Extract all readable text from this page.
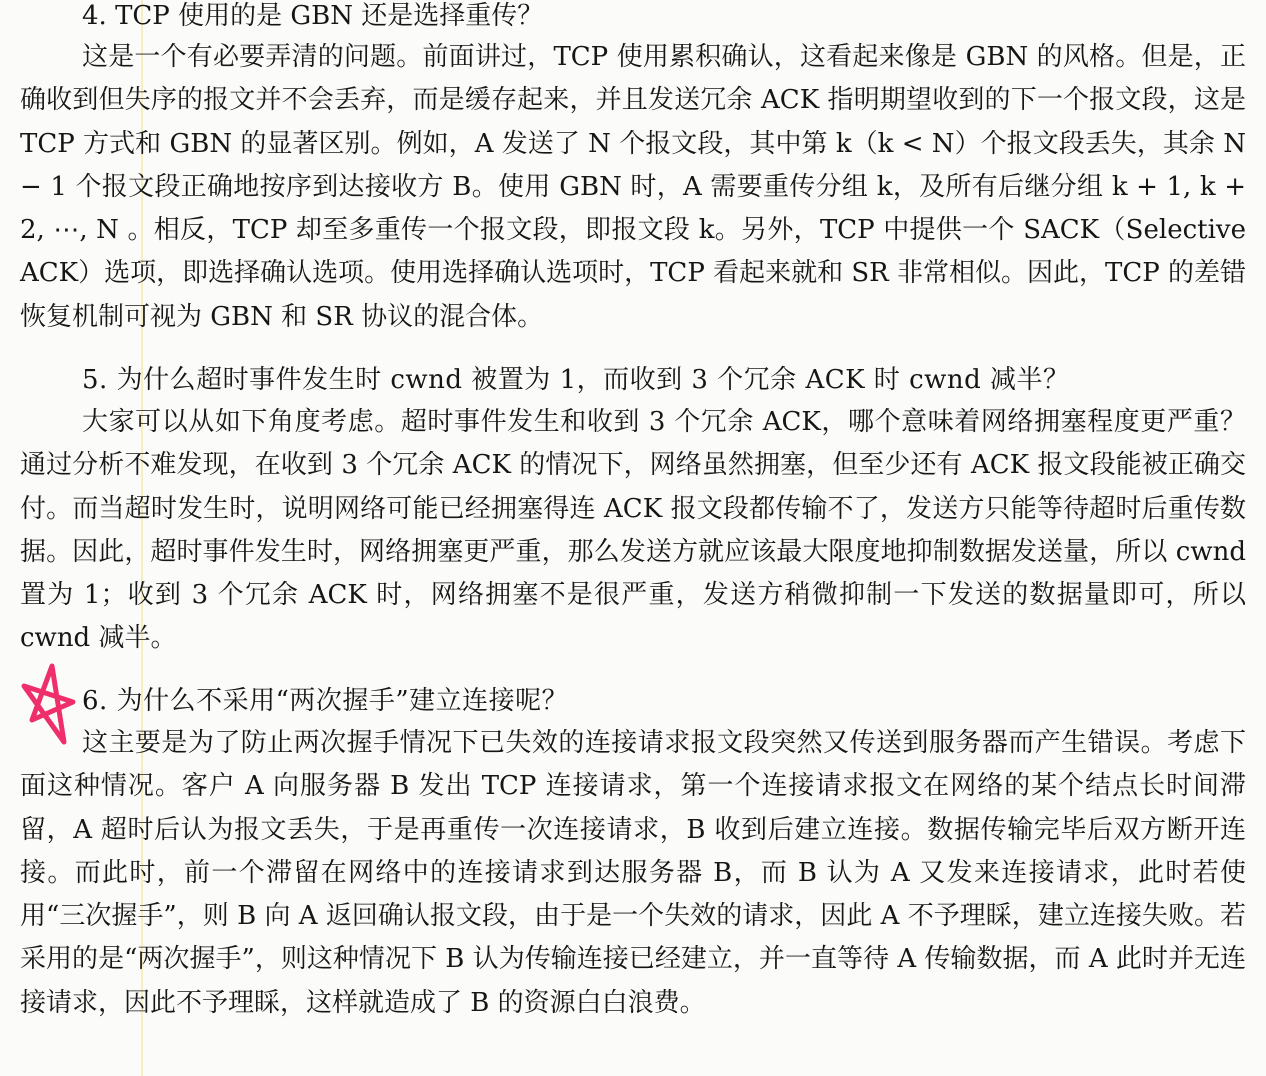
4. TCP 使用的是 GBN 还是选择重传？
这是一个有必要弄清的问题。前面讲过，TCP 使用累积确认，这看起来像是 GBN 的风格。但是，正确收到但失序的报文并不会丢弃，而是缓存起来，并且发送冗余 ACK 指明期望收到的下一个报文段，这是 TCP 方式和 GBN 的显著区别。例如，A 发送了 N 个报文段，其中第 k（k < N）个报文段丢失，其余 N − 1 个报文段正确地按序到达接收方 B。使用 GBN 时，A 需要重传分组 k，及所有后继分组 k + 1, k + 2, ⋯, N 。相反，TCP 却至多重传一个报文段，即报文段 k。另外，TCP 中提供一个 SACK（Selective ACK）选项，即选择确认选项。使用选择确认选项时，TCP 看起来就和 SR 非常相似。因此，TCP 的差错恢复机制可视为 GBN 和 SR 协议的混合体。
5. 为什么超时事件发生时 cwnd 被置为 1，而收到 3 个冗余 ACK 时 cwnd 减半？
大家可以从如下角度考虑。超时事件发生和收到 3 个冗余 ACK，哪个意味着网络拥塞程度更严重？通过分析不难发现，在收到 3 个冗余 ACK 的情况下，网络虽然拥塞，但至少还有 ACK 报文段能被正确交付。而当超时发生时，说明网络可能已经拥塞得连 ACK 报文段都传输不了，发送方只能等待超时后重传数据。因此，超时事件发生时，网络拥塞更严重，那么发送方就应该最大限度地抑制数据发送量，所以 cwnd 置为 1；收到 3 个冗余 ACK 时，网络拥塞不是很严重，发送方稍微抑制一下发送的数据量即可，所以 cwnd 减半。
6. 为什么不采用“两次握手”建立连接呢？
这主要是为了防止两次握手情况下已失效的连接请求报文段突然又传送到服务器而产生错误。考虑下面这种情况。客户 A 向服务器 B 发出 TCP 连接请求，第一个连接请求报文在网络的某个结点长时间滞留，A 超时后认为报文丢失，于是再重传一次连接请求，B 收到后建立连接。数据传输完毕后双方断开连接。而此时，前一个滞留在网络中的连接请求到达服务器 B，而 B 认为 A 又发来连接请求，此时若使用“三次握手”，则 B 向 A 返回确认报文段，由于是一个失效的请求，因此 A 不予理睬，建立连接失败。若采用的是“两次握手”，则这种情况下 B 认为传输连接已经建立，并一直等待 A 传输数据，而 A 此时并无连接请求，因此不予理睬，这样就造成了 B 的资源白白浪费。
